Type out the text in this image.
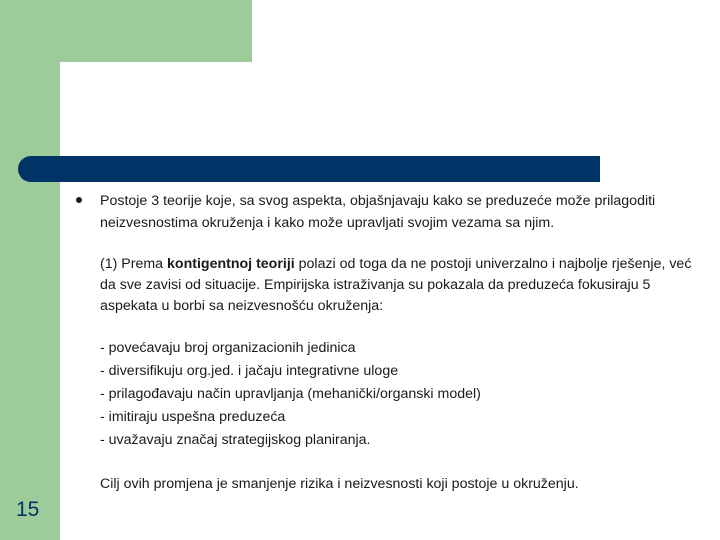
Postoje 3 teorije koje, sa svog aspekta, objašnjavaju kako se preduzeće može prilagoditi neizvesnostima okruženja i kako može upravljati svojim vezama sa njim.

(1) Prema kontigentnoj teoriji polazi od toga da ne postoji univerzalno i najbolje rješenje, već da sve zavisi od situacije. Empirijska istraživanja su pokazala da preduzeća fokusiraju 5 aspekata u borbi sa neizvesnošću okruženja:

- povećavaju broj organizacionih jedinica
- diversifikuju org.jed. i jačaju integrativne uloge
- prilagođavaju način upravljanja (mehanički/organski model)
- imitiraju uspešna preduzeća
- uvažavaju značaj strategijskog planiranja.

Cilj ovih promjena je smanjenje rizika i neizvesnosti koji postoje u okruženju.

15
